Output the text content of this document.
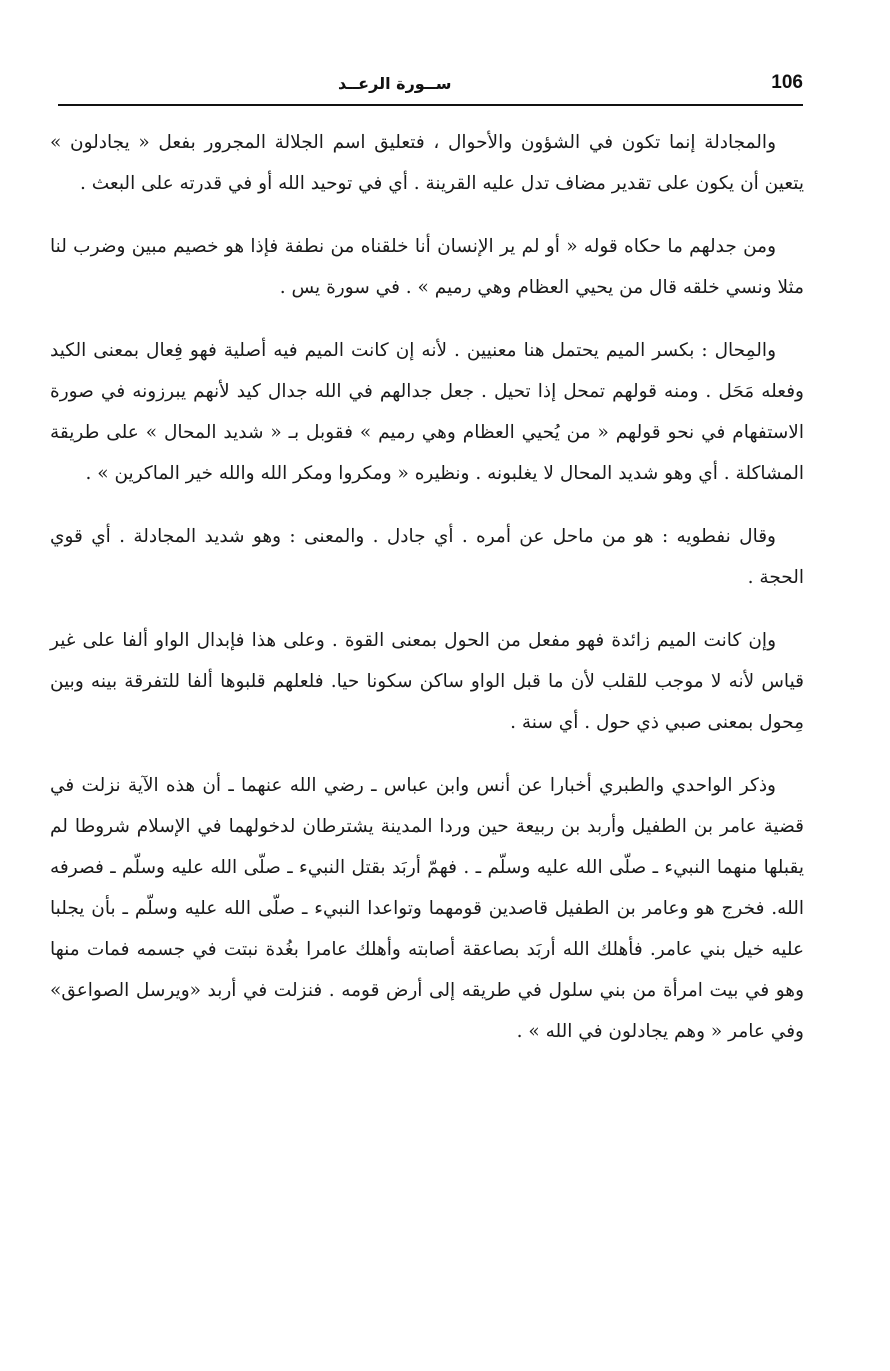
106
ســورة الرعــد

والمجادلة إنما تكون في الشؤون والأحوال ، فتعليق اسم الجلالة المجرور بفعل « يجادلون » يتعين أن يكون على تقدير مضاف تدل عليه القرينة . أي في توحيد الله أو في قدرته على البعث .

ومن جدلهم ما حكاه قوله « أو لم ير الإنسان أنا خلقناه من نطفة فإذا هو خصيم مبين وضرب لنا مثلا ونسي خلقه قال من يحيي العظام وهي رميم » . في سورة يس .

والمِحال : بكسر الميم يحتمل هنا معنيين . لأنه إن كانت الميم فيه أصلية فهو فِعال بمعنى الكيد وفعله مَحَل . ومنه قولهم تمحل إذا تحيل . جعل جدالهم في الله جدال كيد لأنهم يبرزونه في صورة الاستفهام في نحو قولهم « من يُحيي العظام وهي رميم » فقوبل بـ « شديد المحال » على طريقة المشاكلة . أي وهو شديد المحال لا يغلبونه . ونظيره « ومكروا ومكر الله والله خير الماكرين » .

وقال نفطويه : هو من ماحل عن أمره . أي جادل . والمعنى : وهو شديد المجادلة . أي قوي الحجة .

وإن كانت الميم زائدة فهو مفعل من الحول بمعنى القوة . وعلى هذا فإبدال الواو ألفا على غير قياس لأنه لا موجب للقلب لأن ما قبل الواو ساكن سكونا حيا. فلعلهم قلبوها ألفا للتفرقة بينه وبين مِحول بمعنى صبي ذي حول . أي سنة .

وذكر الواحدي والطبري أخبارا عن أنس وابن عباس ـ رضي الله عنهما ـ أن هذه الآية نزلت في قضية عامر بن الطفيل وأربد بن ربيعة حين وردا المدينة يشترطان لدخولهما في الإسلام شروطا لم يقبلها منهما النبيء ـ صلّى الله عليه وسلّم ـ . فهمّ أربَد بقتل النبيء ـ صلّى الله عليه وسلّم ـ فصرفه الله. فخرج هو وعامر بن الطفيل قاصدين قومهما وتواعدا النبيء ـ صلّى الله عليه وسلّم ـ بأن يجلبا عليه خيل بني عامر. فأهلك الله أربَد بصاعقة أصابته وأهلك عامرا بغُدة نبتت في جسمه فمات منها وهو في بيت امرأة من بني سلول في طريقه إلى أرض قومه . فنزلت في أربد «ويرسل الصواعق» وفي عامر « وهم يجادلون في الله » .
